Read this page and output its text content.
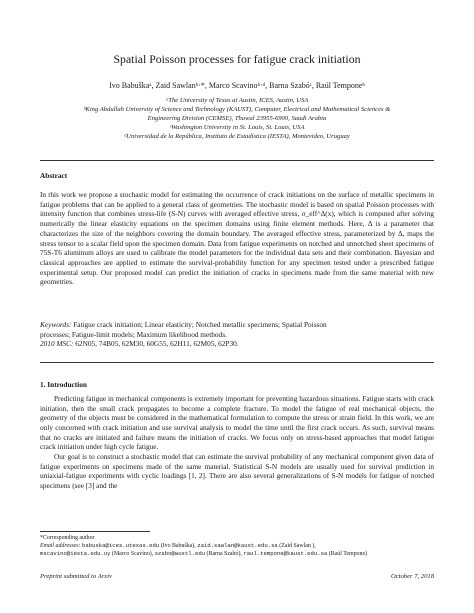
Spatial Poisson processes for fatigue crack initiation
Ivo Babuškaᵃ, Zaid Sawlanᵇ·*, Marco Scavinoᵇ·ᵈ, Barna Szabóᶜ, Raúl Temponeᵇ
ᵃThe University of Texas at Austin, ICES, Austin, USA
ᵇKing Abdullah University of Science and Technology (KAUST), Computer, Electrical and Mathematical Sciences &
Engineering Division (CEMSE), Thuwal 23955-6900, Saudi Arabia
ᶜWashington University in St. Louis, St. Louis, USA
ᵈUniversidad de la República, Instituto de Estadística (IESTA), Montevideo, Uruguay
Abstract

In this work we propose a stochastic model for estimating the occurrence of crack initiations on the surface of metallic specimens in fatigue problems that can be applied to a general class of geometries. The stochastic model is based on spatial Poisson processes with intensity function that combines stress-life (S-N) curves with averaged effective stress, σ_eff^Δ(x), which is computed after solving numerically the linear elasticity equations on the specimen domains using finite element methods. Here, Δ is a parameter that characterizes the size of the neighbors covering the domain boundary. The averaged effective stress, parameterized by Δ, maps the stress tensor to a scalar field upon the specimen domain. Data from fatigue experiments on notched and unnotched sheet specimens of 75S-T6 aluminum alloys are used to calibrate the model parameters for the individual data sets and their combination. Bayesian and classical approaches are applied to estimate the survival-probability function for any specimen tested under a prescribed fatigue experimental setup. Our proposed model can predict the initiation of cracks in specimens made from the same material with new geometries.

Keywords: Fatigue crack initiation; Linear elasticity; Notched metallic specimens; Spatial Poisson
processes; Fatigue-limit models; Maximum likelihood methods.
2010 MSC: 62N05, 74B05, 62M30, 60G55, 62H11, 62M05, 62P30.
1. Introduction

Predicting fatigue in mechanical components is extremely important for preventing hazardous situations. Fatigue starts with crack initiation, then the small crack propagates to become a complete fracture. To model the fatigue of real mechanical objects, the geometry of the objects must be considered in the mathematical formulation to compute the stress or strain field. In this work, we are only concerned with crack initiation and use survival analysis to model the time until the first crack occurs. As such, survival means that no cracks are initiated and failure means the initiation of cracks. We focus only on stress-based approaches that model fatigue crack initiation under high cycle fatigue.

Our goal is to construct a stochastic model that can estimate the survival probability of any mechanical component given data of fatigue experiments on specimens made of the same material. Statistical S-N models are usually used for survival prediction in uniaxial-fatigue experiments with cyclic loadings [1, 2]. There are also several generalizations of S-N models for fatigue of notched specimens (see [3] and the

*Corresponding author
Email addresses: babuska@ices.utexas.edu (Ivo Babuška), zaid.sawlan@kaust.edu.sa (Zaid Sawlan ),
mscavino@iesta.edu.uy (Marco Scavino), szabo@wustl.edu (Barna Szabó), raul.tempone@kaust.edu.sa (Raúl Tempone)
Preprint submitted to Arxiv	October 7, 2018
